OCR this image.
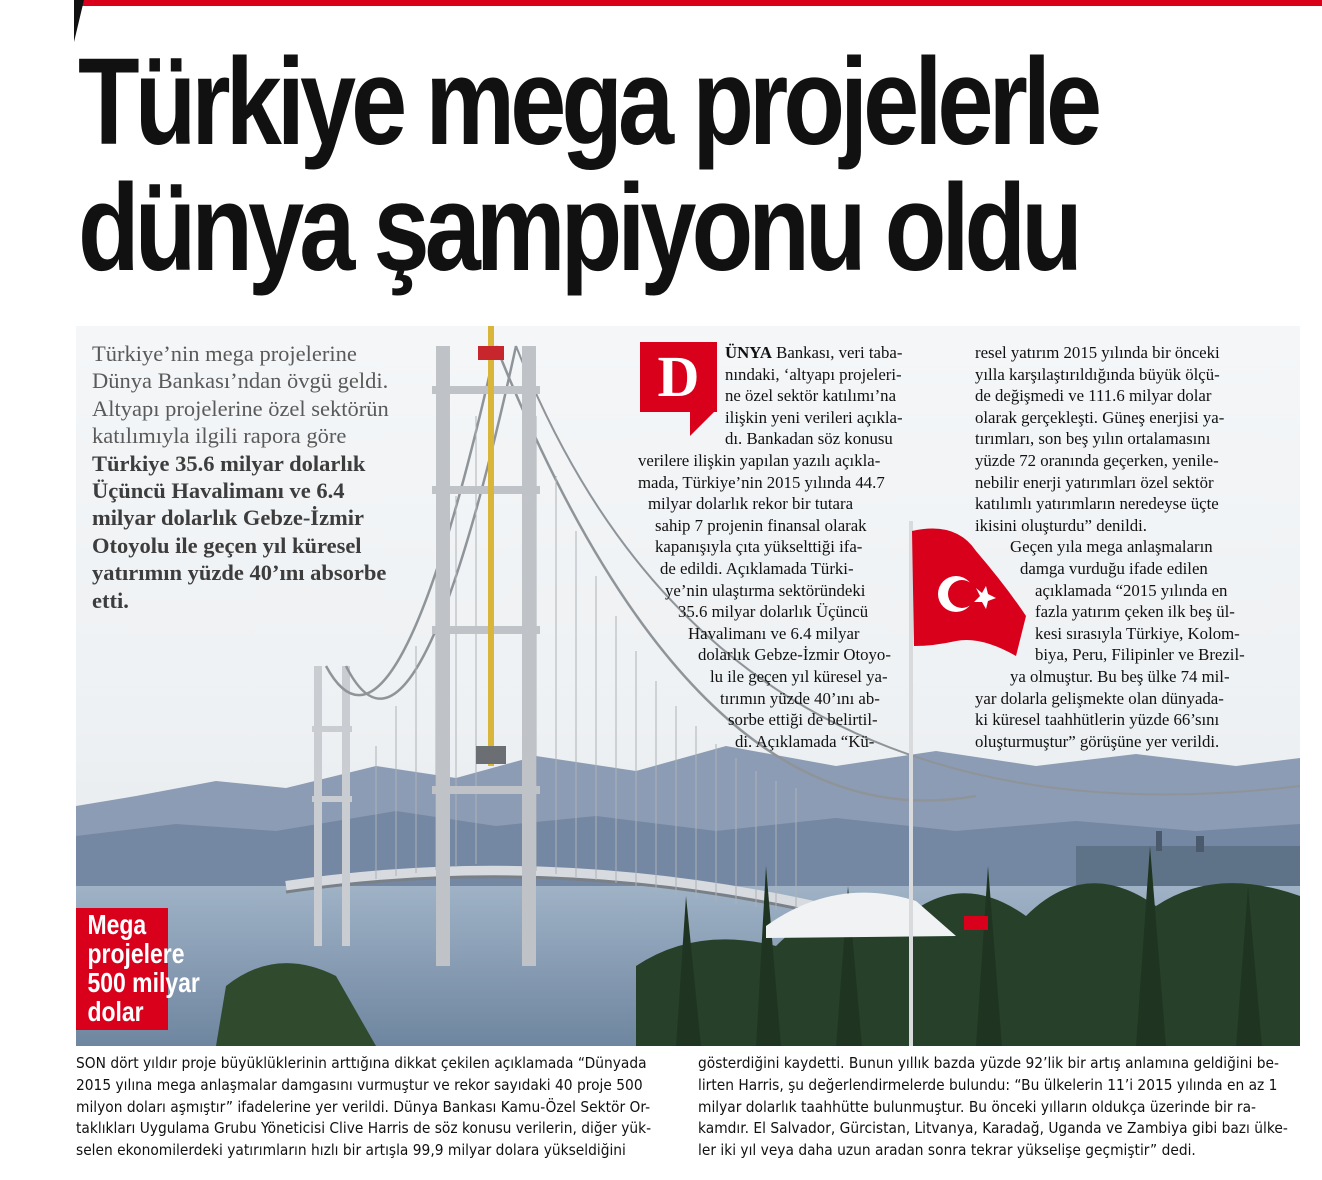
Türkiye mega projelerle
dünya şampiyonu oldu

Türkiye’nin mega projelerine Dünya Bankası’ndan övgü geldi. Altyapı projelerine özel sektörün katılımıyla ilgili rapora göre Türkiye 35.6 milyar dolarlık Üçüncü Havalimanı ve 6.4 milyar dolarlık Gebze-İzmir Otoyolu ile geçen yıl küresel yatırımın yüzde 40’ını absorbe etti.

D	ÜNYA Bankası, veri taba-
nındaki, ‘altyapı projeleri-
ne özel sektör katılımı’na
ilişkin yeni verileri açıkla-
dı. Bankadan söz konusu
verilere ilişkin yapılan yazılı açıkla-
mada, Türkiye’nin 2015 yılında 44.7
milyar dolarlık rekor bir tutara
sahip 7 projenin finansal olarak
kapanışıyla çıta yükselttiği ifa-
de edildi. Açıklamada Türki-
ye’nin ulaştırma sektöründeki
35.6 milyar dolarlık Üçüncü
Havalimanı ve 6.4 milyar
dolarlık Gebze-İzmir Otoyo-
lu ile geçen yıl küresel ya-
tırımın yüzde 40’ını ab-
sorbe ettiği de belirtil-
di. Açıklamada “Kü-
resel yatırım 2015 yılında bir önceki
yılla karşılaştırıldığında büyük ölçü-
de değişmedi ve 111.6 milyar dolar
olarak gerçekleşti. Güneş enerjisi ya-
tırımları, son beş yılın ortalamasını
yüzde 72 oranında geçerken, yenile-
nebilir enerji yatırımları özel sektör
katılımlı yatırımların neredeyse üçte
ikisini oluşturdu” denildi.
Geçen yıla mega anlaşmaların
damga vurduğu ifade edilen
açıklamada “2015 yılında en
fazla yatırım çeken ilk beş ül-
kesi sırasıyla Türkiye, Kolom-
biya, Peru, Filipinler ve Brezil-
ya olmuştur. Bu beş ülke 74 mil-
yar dolarla gelişmekte olan dünyada-
ki küresel taahhütlerin yüzde 66’sını
oluşturmuştur” görüşüne yer verildi.
Mega
projelere
500 milyar
dolar
SON dört yıldır proje büyüklüklerinin arttığına dikkat çekilen açıklamada “Dünyada
2015 yılına mega anlaşmalar damgasını vurmuştur ve rekor sayıdaki 40 proje 500
milyon doları aşmıştır” ifadelerine yer verildi. Dünya Bankası Kamu-Özel Sektör Or-
taklıkları Uygulama Grubu Yöneticisi Clive Harris de söz konusu verilerin, diğer yük-
selen ekonomilerdeki yatırımların hızlı bir artışla 99,9 milyar dolara yükseldiğini
gösterdiğini kaydetti. Bunun yıllık bazda yüzde 92’lik bir artış anlamına geldiğini be-
lirten Harris, şu değerlendirmelerde bulundu: “Bu ülkelerin 11’i 2015 yılında en az 1
milyar dolarlık taahhütte bulunmuştur. Bu önceki yılların oldukça üzerinde bir ra-
kamdır. El Salvador, Gürcistan, Litvanya, Karadağ, Uganda ve Zambiya gibi bazı ülke-
ler iki yıl veya daha uzun aradan sonra tekrar yükselişe geçmiştir” dedi.
